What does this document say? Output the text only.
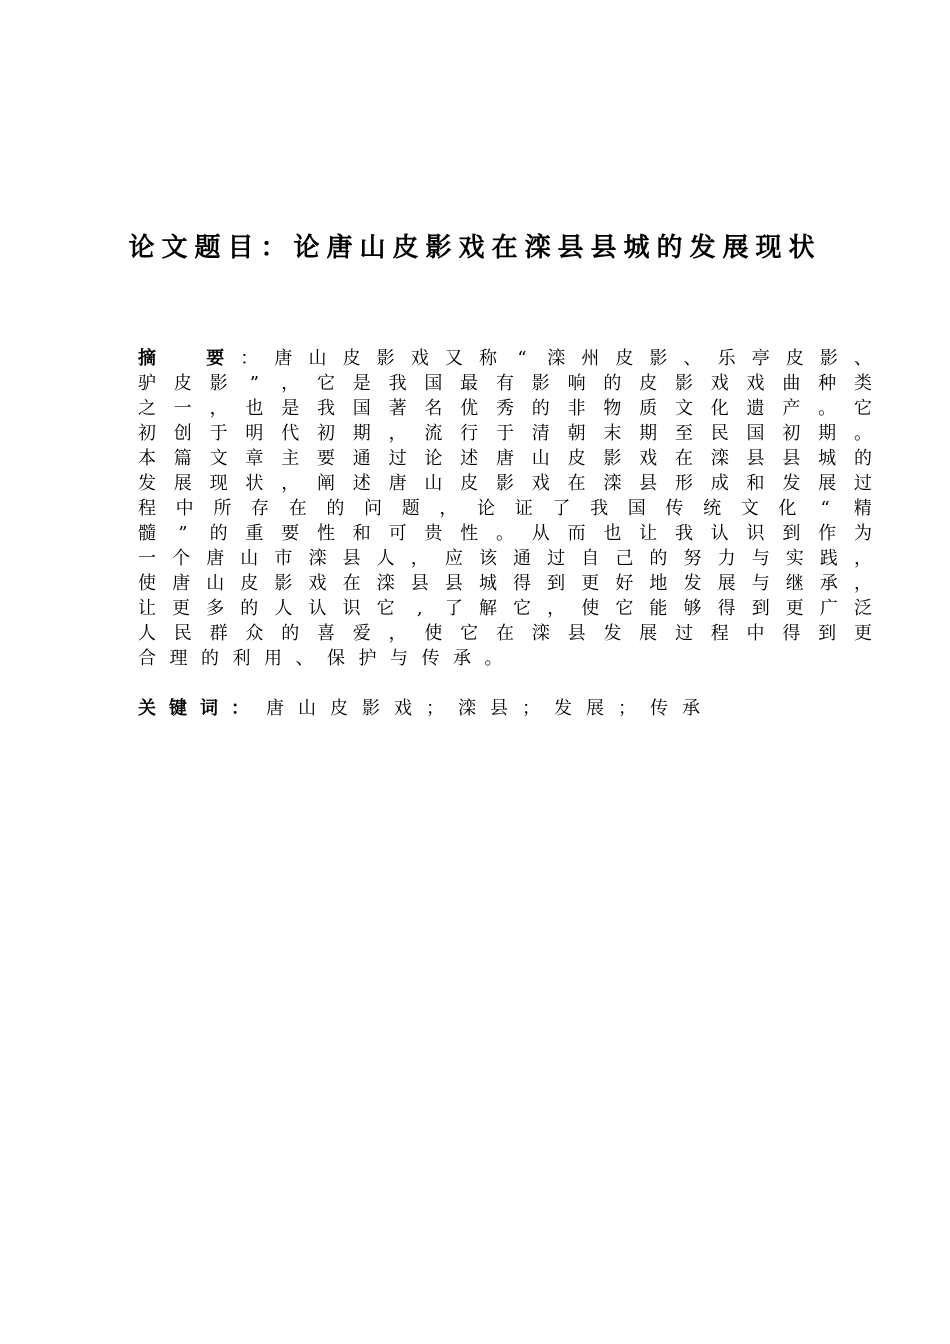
论文题目：论唐山皮影戏在滦县县城的发展现状
摘
　	要 ： 唐 山 皮 影 戏 又 称 “ 滦 州 皮 影 、 乐 亭 皮 影 、
驴 皮 影 ” ， 它 是 我 国 最 有 影 响 的 皮 影 戏 戏 曲 种 类
之 一 ， 也 是 我 国 著 名 优 秀 的 非 物 质 文 化 遗 产 。 它
初 创 于 明 代 初 期 ， 流 行 于 清 朝 末 期 至 民 国 初 期 。
本 篇 文 章 主 要 通 过 论 述 唐 山 皮 影 戏 在 滦 县 县 城 的
发 展 现 状 ， 阐 述 唐 山 皮 影 戏 在 滦 县 形 成 和 发 展 过
程 中 所 存 在 的 问 题 ， 论 证 了 我 国 传 统 文 化 “ 精
髓 ” 的 重 要 性 和 可 贵 性 。 从 而 也 让 我 认 识 到 作 为
一 个 唐 山 市 滦 县 人 ， 应 该 通 过 自 己 的 努 力 与 实 践 ，
使 唐 山 皮 影 戏 在 滦 县 县 城 得 到 更 好 地 发 展 与 继 承 ，
让 更 多 的 人 认 识 它	,	了 解 它 ， 使 它 能 够 得 到 更 广 泛
人 民 群 众 的 喜 爱 ， 使 它 在 滦 县 发 展 过 程 中 得 到 更
合理的利用、保护与传承。
关键词： 唐山皮影戏；滦县；发展；传承
